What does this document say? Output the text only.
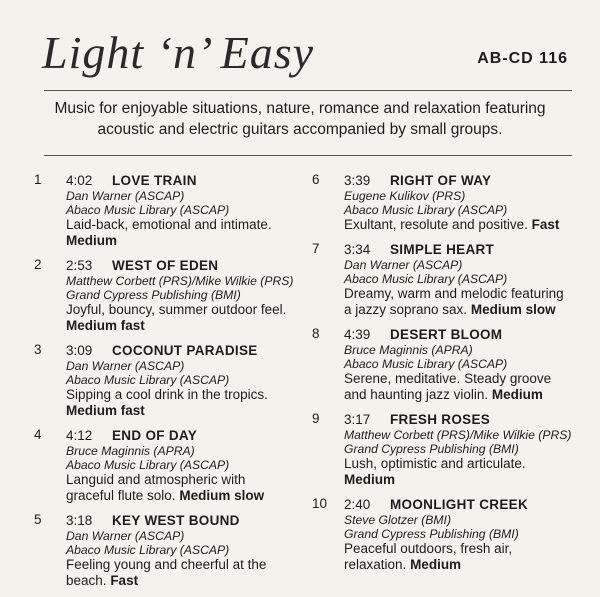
Light ‘n’ Easy	AB-CD 116
Music for enjoyable situations, nature, romance and relaxation featuring acoustic and electric guitars accompanied by small groups.
1 4:02 LOVE TRAIN
Dan Warner (ASCAP)
Abaco Music Library (ASCAP)
Laid-back, emotional and intimate. Medium
2 2:53 WEST OF EDEN
Matthew Corbett (PRS)/Mike Wilkie (PRS)
Grand Cypress Publishing (BMI)
Joyful, bouncy, summer outdoor feel. Medium fast
3 3:09 COCONUT PARADISE
Dan Warner (ASCAP)
Abaco Music Library (ASCAP)
Sipping a cool drink in the tropics. Medium fast
4 4:12 END OF DAY
Bruce Maginnis (APRA)
Abaco Music Library (ASCAP)
Languid and atmospheric with graceful flute solo. Medium slow
5 3:18 KEY WEST BOUND
Dan Warner (ASCAP)
Abaco Music Library (ASCAP)
Feeling young and cheerful at the beach. Fast
6 3:39 RIGHT OF WAY
Eugene Kulikov (PRS)
Abaco Music Library (ASCAP)
Exultant, resolute and positive. Fast
7 3:34 SIMPLE HEART
Dan Warner (ASCAP)
Abaco Music Library (ASCAP)
Dreamy, warm and melodic featuring a jazzy soprano sax. Medium slow
8 4:39 DESERT BLOOM
Bruce Maginnis (APRA)
Abaco Music Library (ASCAP)
Serene, meditative. Steady groove and haunting jazz violin. Medium
9 3:17 FRESH ROSES
Matthew Corbett (PRS)/Mike Wilkie (PRS)
Grand Cypress Publishing (BMI)
Lush, optimistic and articulate. Medium
10 2:40 MOONLIGHT CREEK
Steve Glotzer (BMI)
Grand Cypress Publishing (BMI)
Peaceful outdoors, fresh air, relaxation. Medium
